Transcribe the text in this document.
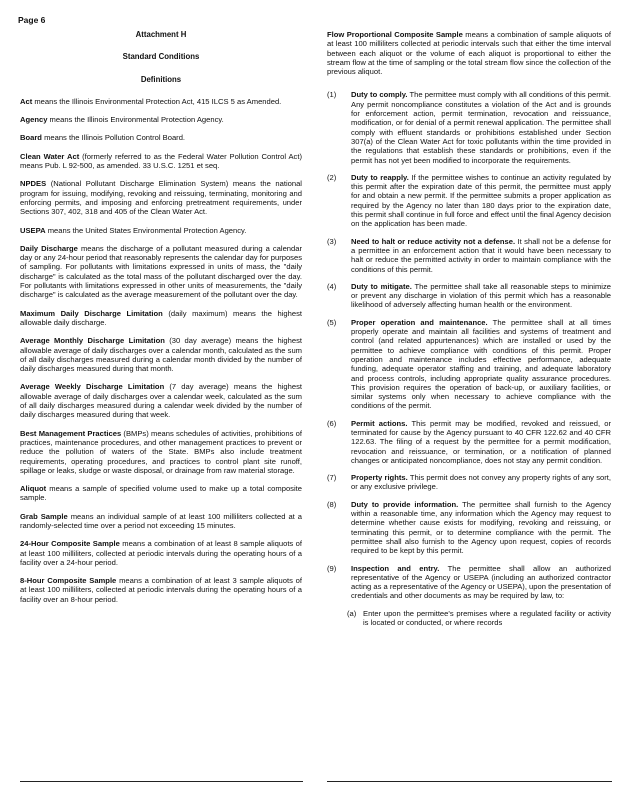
Page 6
Attachment H
Standard Conditions
Definitions
Act means the Illinois Environmental Protection Act, 415 ILCS 5 as Amended.
Agency means the Illinois Environmental Protection Agency.
Board means the Illinois Pollution Control Board.
Clean Water Act (formerly referred to as the Federal Water Pollution Control Act) means Pub. L 92-500, as amended. 33 U.S.C. 1251 et seq.
NPDES (National Pollutant Discharge Elimination System) means the national program for issuing, modifying, revoking and reissuing, terminating, monitoring and enforcing permits, and imposing and enforcing pretreatment requirements, under Sections 307, 402, 318 and 405 of the Clean Water Act.
USEPA means the United States Environmental Protection Agency.
Daily Discharge means the discharge of a pollutant measured during a calendar day or any 24-hour period that reasonably represents the calendar day for purposes of sampling. For pollutants with limitations expressed in units of mass, the "daily discharge" is calculated as the total mass of the pollutant discharged over the day. For pollutants with limitations expressed in other units of measurements, the "daily discharge" is calculated as the average measurement of the pollutant over the day.
Maximum Daily Discharge Limitation (daily maximum) means the highest allowable daily discharge.
Average Monthly Discharge Limitation (30 day average) means the highest allowable average of daily discharges over a calendar month, calculated as the sum of all daily discharges measured during a calendar month divided by the number of daily discharges measured during that month.
Average Weekly Discharge Limitation (7 day average) means the highest allowable average of daily discharges over a calendar week, calculated as the sum of all daily discharges measured during a calendar week divided by the number of daily discharges measured during that week.
Best Management Practices (BMPs) means schedules of activities, prohibitions of practices, maintenance procedures, and other management practices to prevent or reduce the pollution of waters of the State. BMPs also include treatment requirements, operating procedures, and practices to control plant site runoff, spillage or leaks, sludge or waste disposal, or drainage from raw material storage.
Aliquot means a sample of specified volume used to make up a total composite sample.
Grab Sample means an individual sample of at least 100 milliliters collected at a randomly-selected time over a period not exceeding 15 minutes.
24-Hour Composite Sample means a combination of at least 8 sample aliquots of at least 100 milliliters, collected at periodic intervals during the operating hours of a facility over a 24-hour period.
8-Hour Composite Sample means a combination of at least 3 sample aliquots of at least 100 milliliters, collected at periodic intervals during the operating hours of a facility over an 8-hour period.
Flow Proportional Composite Sample means a combination of sample aliquots of at least 100 milliliters collected at periodic intervals such that either the time interval between each aliquot or the volume of each aliquot is proportional to either the stream flow at the time of sampling or the total stream flow since the collection of the previous aliquot.
(1)	Duty to comply. The permittee must comply with all conditions of this permit. Any permit noncompliance constitutes a violation of the Act and is grounds for enforcement action, permit termination, revocation and reissuance, modification, or for denial of a permit renewal application. The permittee shall comply with effluent standards or prohibitions established under Section 307(a) of the Clean Water Act for toxic pollutants within the time provided in the regulations that establish these standards or prohibitions, even if the permit has not yet been modified to incorporate the requirements.
(2)	Duty to reapply. If the permittee wishes to continue an activity regulated by this permit after the expiration date of this permit, the permittee must apply for and obtain a new permit. If the permittee submits a proper application as required by the Agency no later than 180 days prior to the expiration date, this permit shall continue in full force and effect until the final Agency decision on the application has been made.
(3)	Need to halt or reduce activity not a defense. It shall not be a defense for a permittee in an enforcement action that it would have been necessary to halt or reduce the permitted activity in order to maintain compliance with the conditions of this permit.
(4)	Duty to mitigate. The permittee shall take all reasonable steps to minimize or prevent any discharge in violation of this permit which has a reasonable likelihood of adversely affecting human health or the environment.
(5)	Proper operation and maintenance. The permittee shall at all times properly operate and maintain all facilities and systems of treatment and control (and related appurtenances) which are installed or used by the permittee to achieve compliance with conditions of this permit. Proper operation and maintenance includes effective performance, adequate funding, adequate operator staffing and training, and adequate laboratory and process controls, including appropriate quality assurance procedures. This provision requires the operation of back-up, or auxiliary facilities, or similar systems only when necessary to achieve compliance with the conditions of the permit.
(6)	Permit actions. This permit may be modified, revoked and reissued, or terminated for cause by the Agency pursuant to 40 CFR 122.62 and 40 CFR 122.63. The filing of a request by the permittee for a permit modification, revocation and reissuance, or termination, or a notification of planned changes or anticipated noncompliance, does not stay any permit condition.
(7)	Property rights. This permit does not convey any property rights of any sort, or any exclusive privilege.
(8)	Duty to provide information. The permittee shall furnish to the Agency within a reasonable time, any information which the Agency may request to determine whether cause exists for modifying, revoking and reissuing, or terminating this permit, or to determine compliance with the permit. The permittee shall also furnish to the Agency upon request, copies of records required to be kept by this permit.
(9)	Inspection and entry. The permittee shall allow an authorized representative of the Agency or USEPA (including an authorized contractor acting as a representative of the Agency or USEPA), upon the presentation of credentials and other documents as may be required by law, to:
(a) Enter upon the permittee's premises where a regulated facility or activity is located or conducted, or where records
